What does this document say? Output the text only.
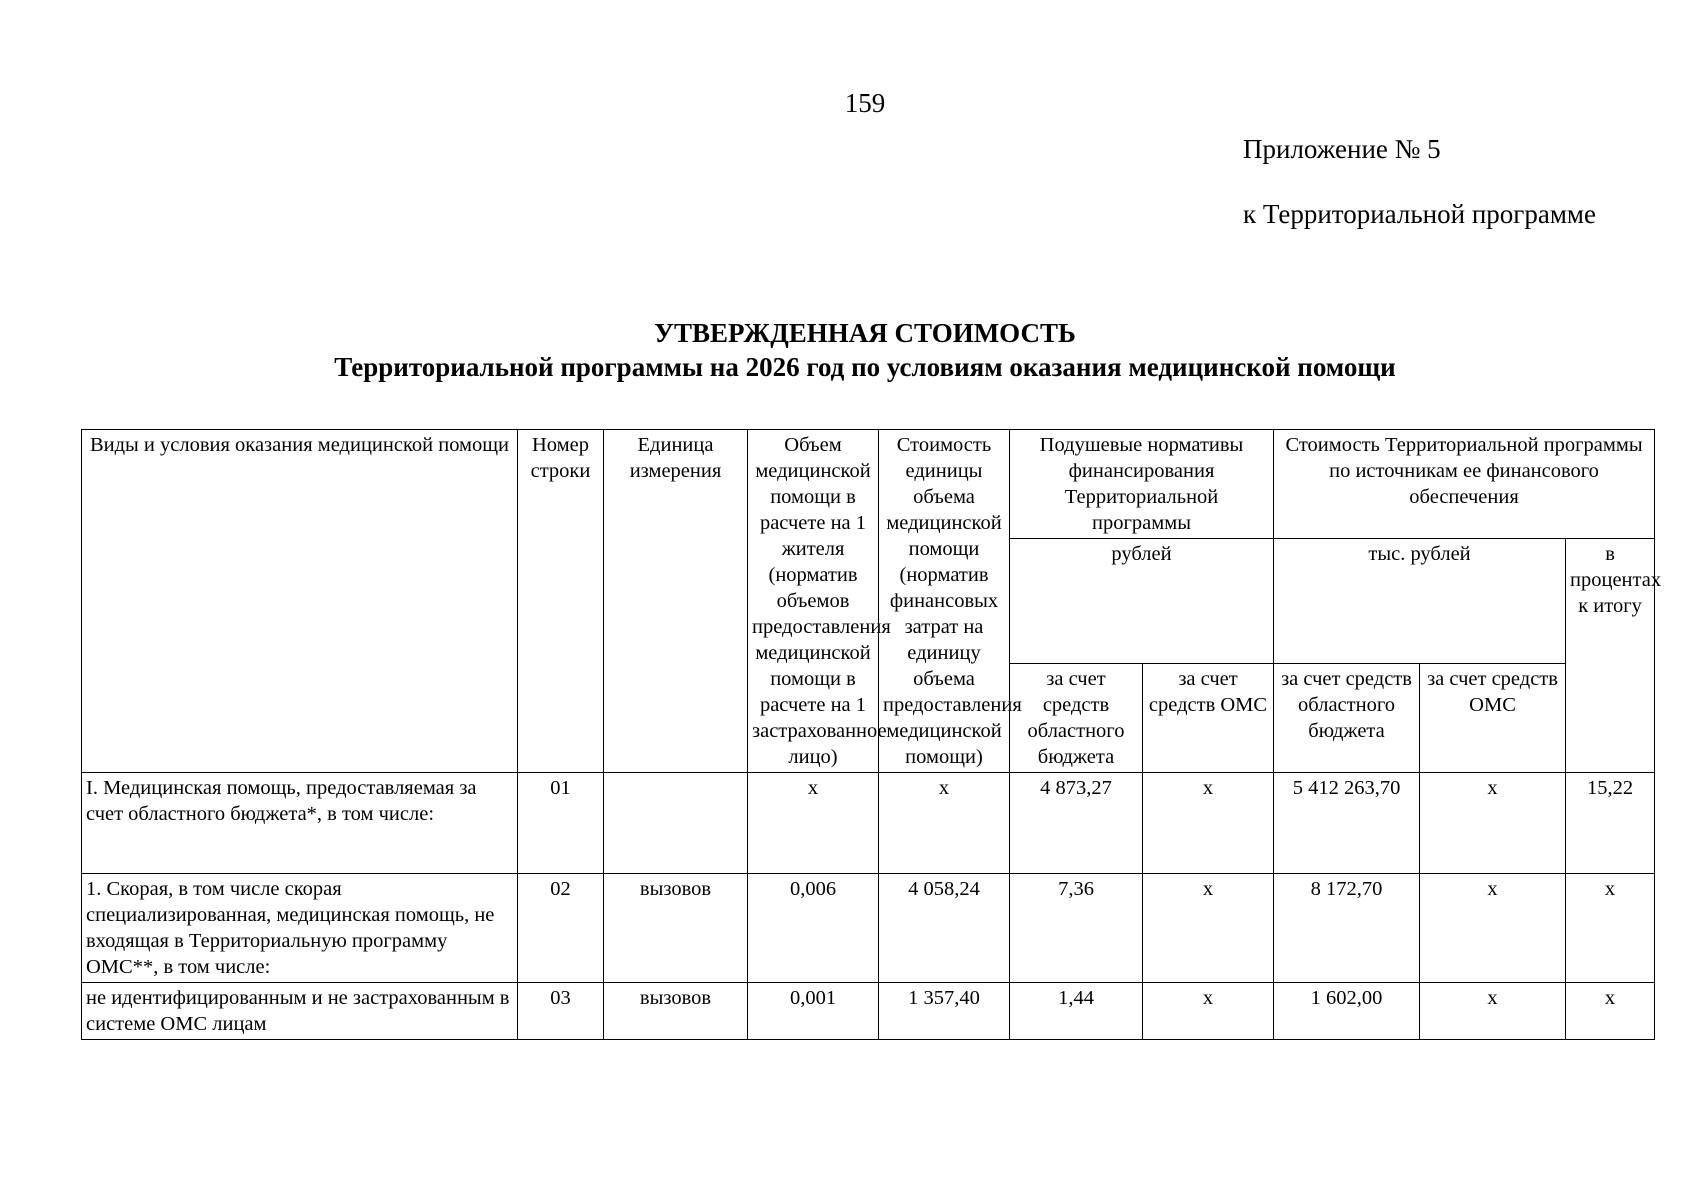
159
Приложение № 5
к Территориальной программе
УТВЕРЖДЕННАЯ СТОИМОСТЬ
Территориальной программы на 2026 год по условиям оказания медицинской помощи
Виды и условия оказания медицинской помощи	Номер строки	Единица измерения	Объем медицинской помощи в расчете на 1 жителя (норматив объемов предоставления медицинской помощи в расчете на 1 застрахованное лицо)	Стоимость единицы объема медицинской помощи (норматив финансовых затрат на единицу объема предоставления медицинской помощи)	Подушевые нормативы финансирования Территориальной программы		Стоимость Территориальной программы по источникам ее финансового обеспечения		
					рублей		тыс. рублей		в процентах к итогу
					за счет средств областного бюджета	за счет средств ОМС	за счет средств областного бюджета	за счет средств ОМС	
I. Медицинская помощь, предоставляемая за счет областного бюджета*, в том числе:	01		х	х	4 873,27	х	5 412 263,70	х	15,22
1. Скорая, в том числе скорая специализированная, медицинская помощь, не входящая в Территориальную программу ОМС**, в том числе:	02	вызовов	0,006	4 058,24	7,36	х	8 172,70	х	х
не идентифицированным и не застрахованным в системе ОМС лицам	03	вызовов	0,001	1 357,40	1,44	х	1 602,00	х	х
